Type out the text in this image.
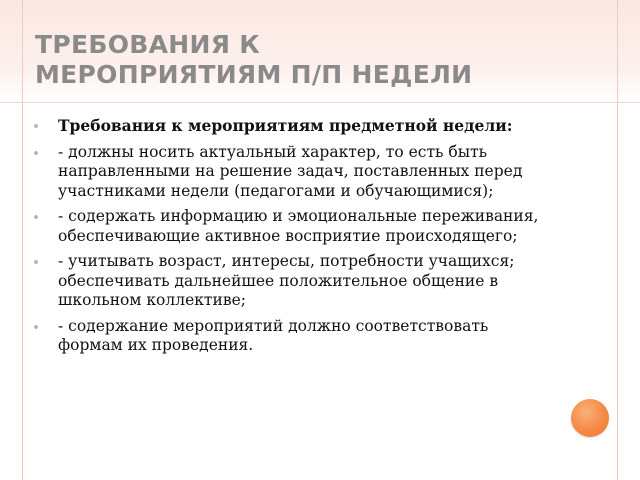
ТРЕБОВАНИЯ К
МЕРОПРИЯТИЯМ П/П НЕДЕЛИ
Требования к мероприятиям предметной недели:
- должны носить актуальный характер, то есть быть направленными на решение задач, поставленных перед участниками недели (педагогами и обучающимися);
- содержать информацию и эмоциональные переживания, обеспечивающие активное восприятие происходящего;
- учитывать возраст, интересы, потребности учащихся; обеспечивать дальнейшее положительное общение в школьном коллективе;
- содержание мероприятий должно соответствовать формам их проведения.
